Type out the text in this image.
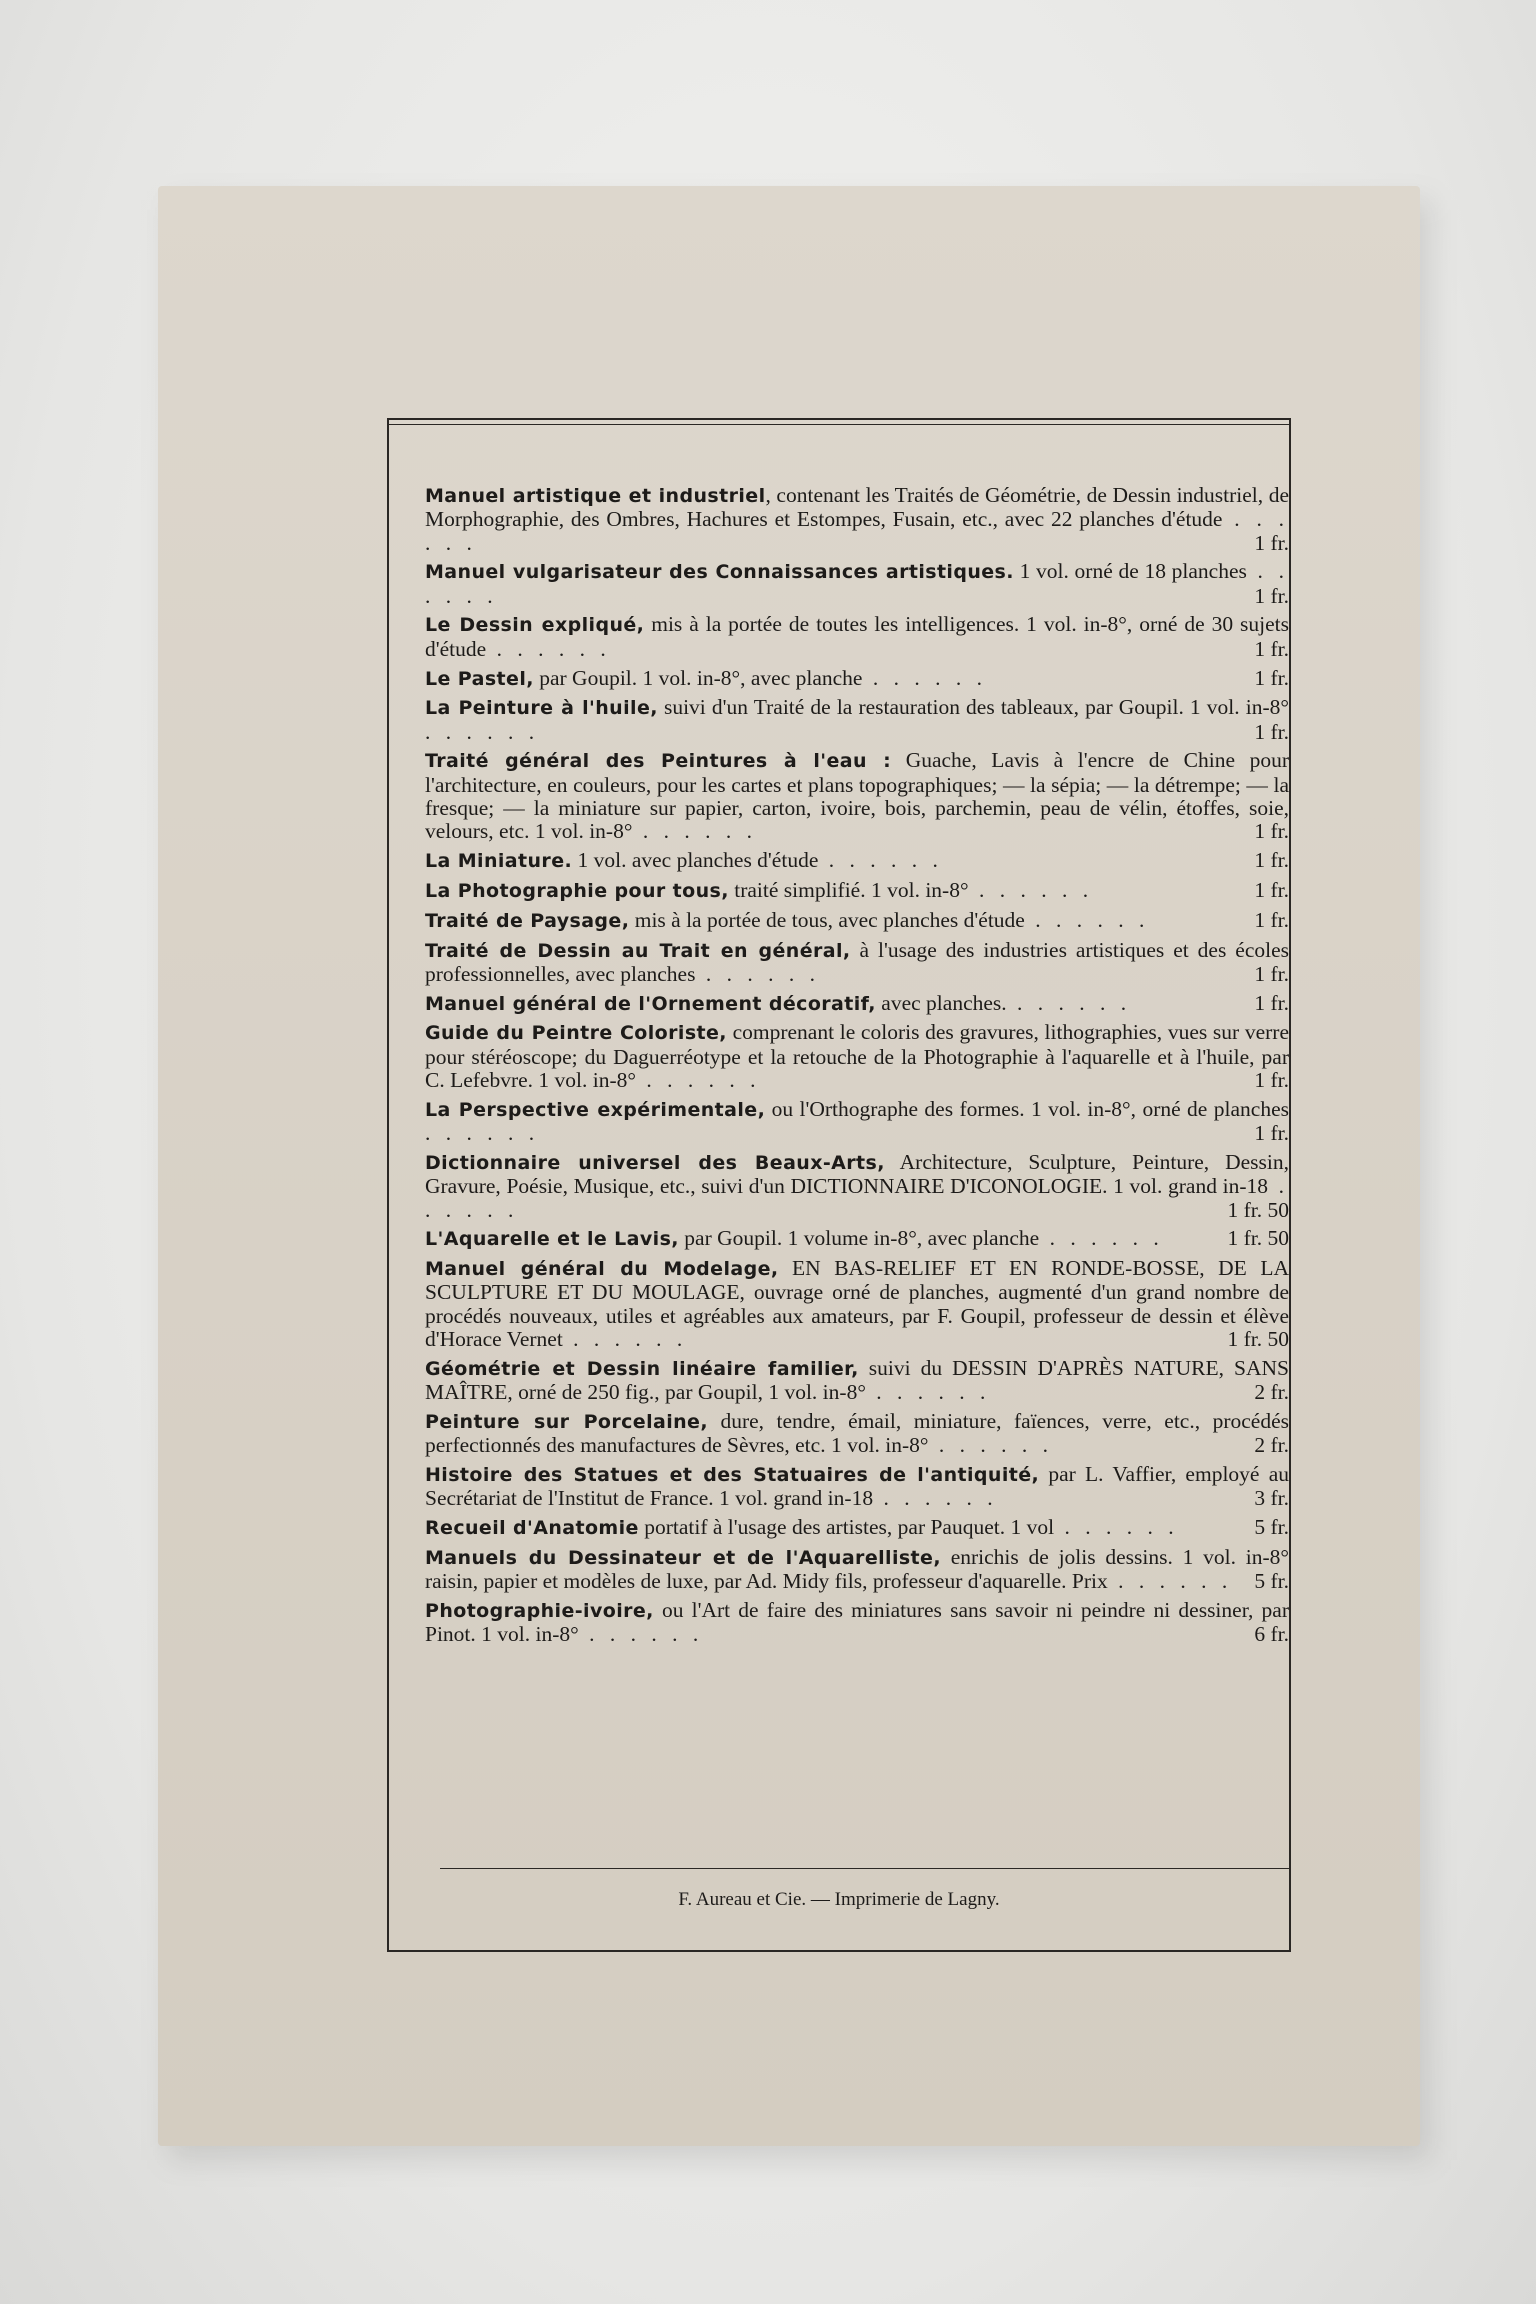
Manuel artistique et industriel, contenant les Traités de Géométrie, de Dessin industriel, de Morphographie, des Ombres, Hachures et Estompes, Fusain, etc., avec 22 planches d'étude . . . . . .	1 fr.
Manuel vulgarisateur des Connaissances artistiques. 1 vol. orné de 18 planches . . . . . .	1 fr.
Le Dessin expliqué, mis à la portée de toutes les intelligences. 1 vol. in-8°, orné de 30 sujets d'étude . . . . . .	1 fr.
Le Pastel, par Goupil. 1 vol. in-8°, avec planche . . . . . .	1 fr.
La Peinture à l'huile, suivi d'un Traité de la restauration des tableaux, par Goupil. 1 vol. in-8° . . . . . .	1 fr.
Traité général des Peintures à l'eau : Guache, Lavis à l'encre de Chine pour l'architecture, en couleurs, pour les cartes et plans topographiques; — la sépia; — la détrempe; — la fresque; — la miniature sur papier, carton, ivoire, bois, parchemin, peau de vélin, étoffes, soie, velours, etc. 1 vol. in-8° . . . . . .	1 fr.
La Miniature. 1 vol. avec planches d'étude . . . . . .	1 fr.
La Photographie pour tous, traité simplifié. 1 vol. in-8° . . . . . .	1 fr.
Traité de Paysage, mis à la portée de tous, avec planches d'étude . . . . . .	1 fr.
Traité de Dessin au Trait en général, à l'usage des industries artistiques et des écoles professionnelles, avec planches . . . . . .	1 fr.
Manuel général de l'Ornement décoratif, avec planches. . . . . . .	1 fr.
Guide du Peintre Coloriste, comprenant le coloris des gravures, lithographies, vues sur verre pour stéréoscope; du Daguerréotype et la retouche de la Photographie à l'aquarelle et à l'huile, par C. Lefebvre. 1 vol. in-8° . . . . . .	1 fr.
La Perspective expérimentale, ou l'Orthographe des formes. 1 vol. in-8°, orné de planches . . . . . .	1 fr.
Dictionnaire universel des Beaux-Arts, Architecture, Sculpture, Peinture, Dessin, Gravure, Poésie, Musique, etc., suivi d'un DICTIONNAIRE D'ICONOLOGIE. 1 vol. grand in-18 . . . . . .	1 fr. 50
L'Aquarelle et le Lavis, par Goupil. 1 volume in-8°, avec planche . . . . . .	1 fr. 50
Manuel général du Modelage, EN BAS-RELIEF ET EN RONDE-BOSSE, DE LA SCULPTURE ET DU MOULAGE, ouvrage orné de planches, augmenté d'un grand nombre de procédés nouveaux, utiles et agréables aux amateurs, par F. Goupil, professeur de dessin et élève d'Horace Vernet . . . . . .	1 fr. 50
Géométrie et Dessin linéaire familier, suivi du DESSIN D'APRÈS NATURE, SANS MAÎTRE, orné de 250 fig., par Goupil, 1 vol. in-8° . . . . . .	2 fr.
Peinture sur Porcelaine, dure, tendre, émail, miniature, faïences, verre, etc., procédés perfectionnés des manufactures de Sèvres, etc. 1 vol. in-8° . . . . . .	2 fr.
Histoire des Statues et des Statuaires de l'antiquité, par L. Vaffier, employé au Secrétariat de l'Institut de France. 1 vol. grand in-18 . . . . . .	3 fr.
Recueil d'Anatomie portatif à l'usage des artistes, par Pauquet. 1 vol . . . . . .	5 fr.
Manuels du Dessinateur et de l'Aquarelliste, enrichis de jolis dessins. 1 vol. in-8° raisin, papier et modèles de luxe, par Ad. Midy fils, professeur d'aquarelle. Prix . . . . . . 5 fr.
Photographie-ivoire, ou l'Art de faire des miniatures sans savoir ni peindre ni dessiner, par Pinot. 1 vol. in-8° . . . . . .	6 fr.
F. Aureau et Cie. — Imprimerie de Lagny.
